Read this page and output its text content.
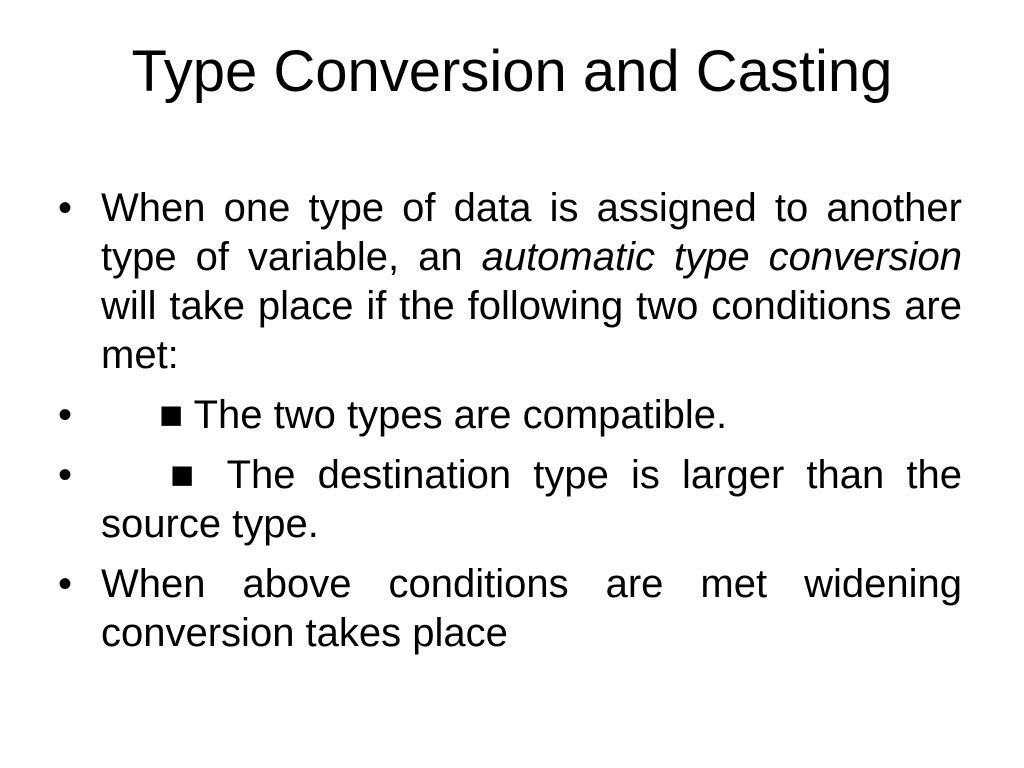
Type Conversion and Casting
• When one type of data is assigned to another type of variable, an automatic type conversion will take place if the following two conditions are met:
• ■ The two types are compatible.
• ■ The destination type is larger than the source type.
• When above conditions are met widening conversion takes place
